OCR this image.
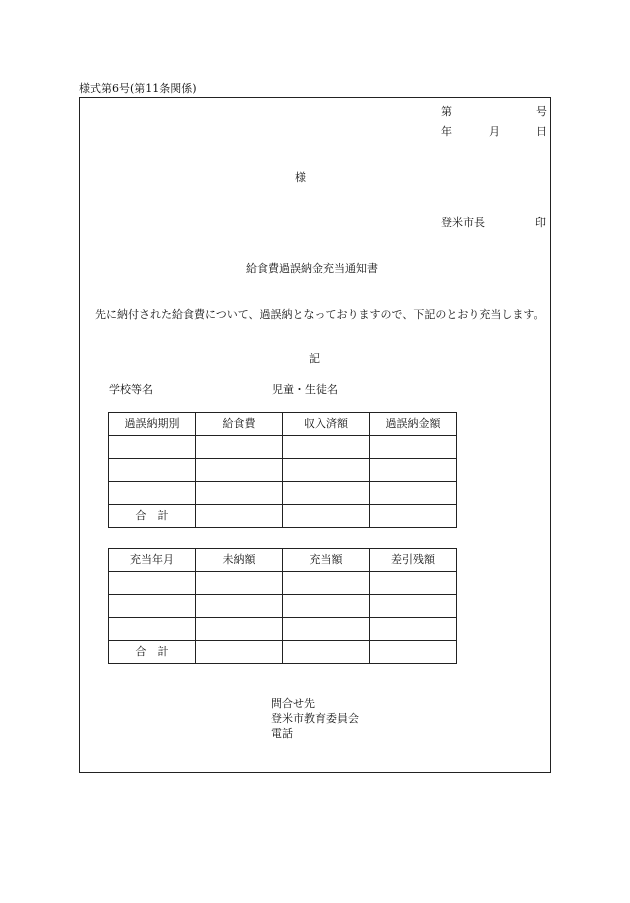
様式第6号(第11条関係)
第	号
年	月	日
様
登米市長	印
給食費過誤納金充当通知書
先に納付された給食費について、過誤納となっておりますので、下記のとおり充当します。
記
学校等名	児童・生徒名
過誤納期別	給食費	収入済額	過誤納金額

合　計			
充当年月	未納額	充当額	差引残額

合　計			
問合せ先
登米市教育委員会
電話
